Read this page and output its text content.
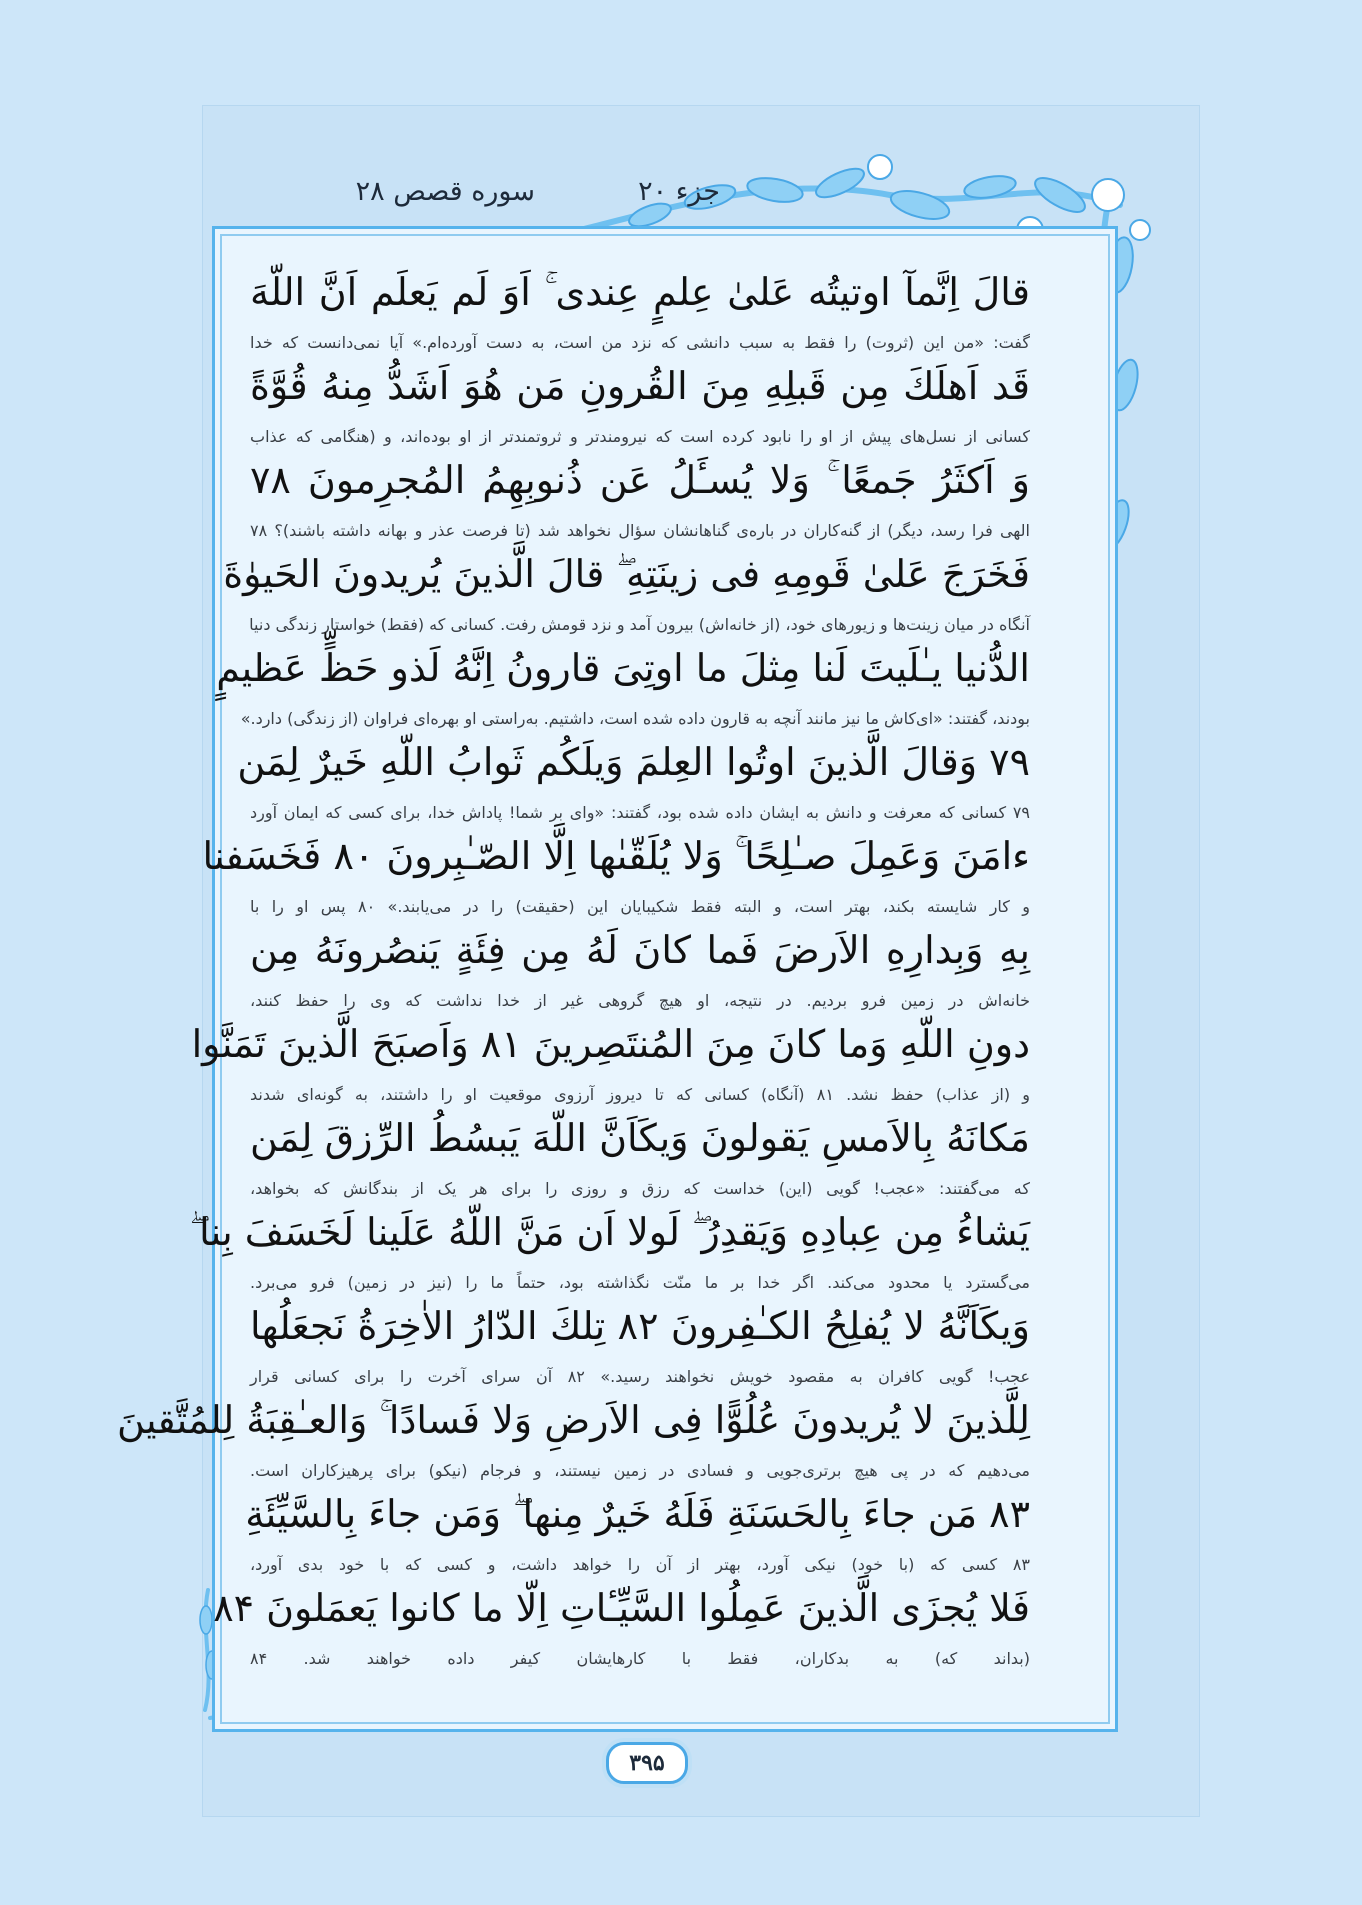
سوره قصص ۲۸	جزء ۲۰
قالَ اِنَّمآ اوتيتُه عَلیٰ عِلمٍ عِندی ۚ اَوَ لَم يَعلَم اَنَّ اللّهَ
گفت: «من این (ثروت) را فقط به سبب دانشی که نزد من است، به دست آورده‌ام.» آیا نمی‌دانست که خدا
قَد اَهلَكَ مِن قَبلِهِ مِنَ القُرونِ مَن هُوَ اَشَدُّ مِنهُ قُوَّةً
کسانی از نسل‌های پیش از او را نابود کرده است که نیرومندتر و ثروتمندتر از او بوده‌اند، و (هنگامی که عذاب
وَ اَكثَرُ جَمعًا ۚ وَلا يُسـَٔلُ عَن ذُنوبِهِمُ المُجرِمونَ ۷۸
الهی فرا رسد، دیگر) از گنه‌کاران در باره‌ی گناهانشان سؤال نخواهد شد (تا فرصت عذر و بهانه داشته باشند)؟ ۷۸
فَخَرَجَ عَلیٰ قَومِهِ فی زينَتِهِ ۖ قالَ الَّذينَ يُريدونَ الحَيوٰةَ
آنگاه در میان زینت‌ها و زیورهای خود، (از خانه‌اش) بیرون آمد و نزد قومش رفت. کسانی که (فقط) خواستار زندگی دنیا
الدُّنيا يـٰلَيتَ لَنا مِثلَ ما اوتِیَ قارونُ اِنَّهُ لَذو حَظٍّ عَظيمٍ
بودند، گفتند: «ای‌کاش ما نیز مانند آنچه به قارون داده شده است، داشتیم. به‌راستی او بهره‌ای فراوان (از زندگی) دارد.»
۷۹ وَقالَ الَّذينَ اوتُوا العِلمَ وَيلَكُم ثَوابُ اللّهِ خَيرٌ لِمَن
۷۹ کسانی که معرفت و دانش به ایشان داده شده بود، گفتند: «وای بر شما! پاداش خدا، برای کسی که ایمان آورد
ءامَنَ وَعَمِلَ صـٰلِحًا ۚ وَلا يُلَقّىٰها اِلَّا الصّـٰبِرونَ ۸۰ فَخَسَفنا
و کار شایسته بکند، بهتر است، و البته فقط شکیبایان این (حقیقت) را در می‌یابند.» ۸۰ پس او را با
بِهِ وَبِدارِهِ الاَرضَ فَما كانَ لَهُ مِن فِئَةٍ يَنصُرونَهُ مِن
خانه‌اش در زمین فرو بردیم. در نتیجه، او هیچ گروهی غیر از خدا نداشت که وی را حفظ کنند،
دونِ اللّهِ وَما كانَ مِنَ المُنتَصِرينَ ۸۱ وَاَصبَحَ الَّذينَ تَمَنَّوا
و (از عذاب) حفظ نشد. ۸۱ (آنگاه) کسانی که تا دیروز آرزوی موقعیت او را داشتند، به گونه‌ای شدند
مَكانَهُ بِالاَمسِ يَقولونَ وَيكَاَنَّ اللّهَ يَبسُطُ الرِّزقَ لِمَن
که می‌گفتند: «عجب! گویی (این) خداست که رزق و روزی را برای هر یک از بندگانش که بخواهد،
يَشاءُ مِن عِبادِهِ وَيَقدِرُ ۖ لَولا اَن مَنَّ اللّهُ عَلَينا لَخَسَفَ بِنا ۖ
می‌گسترد یا محدود می‌کند. اگر خدا بر ما منّت نگذاشته بود، حتماً ما را (نیز در زمین) فرو می‌برد.
وَيكَاَنَّهُ لا يُفلِحُ الكـٰفِرونَ ۸۲ تِلكَ الدّارُ الاٰخِرَةُ نَجعَلُها
عجب! گویی کافران به مقصود خویش نخواهند رسید.» ۸۲ آن سرای آخرت را برای کسانی قرار
لِلَّذينَ لا يُريدونَ عُلُوًّا فِی الاَرضِ وَلا فَسادًا ۚ وَالعـٰقِبَةُ لِلمُتَّقينَ
می‌دهیم که در پی هیچ برتری‌جویی و فسادی در زمین نیستند، و فرجام (نیکو) برای پرهیزکاران است.
۸۳ مَن جاءَ بِالحَسَنَةِ فَلَهُ خَيرٌ مِنها ۖ وَمَن جاءَ بِالسَّيِّئَةِ
۸۳ کسی که (با خود) نیکی آورد، بهتر از آن را خواهد داشت، و کسی که با خود بدی آورد،
فَلا يُجزَى الَّذينَ عَمِلُوا السَّيِّـٔاتِ اِلّا ما كانوا يَعمَلونَ ۸۴
(بداند که) به بدکاران، فقط با کارهایشان کیفر داده خواهند شد. ۸۴
۳۹۵
